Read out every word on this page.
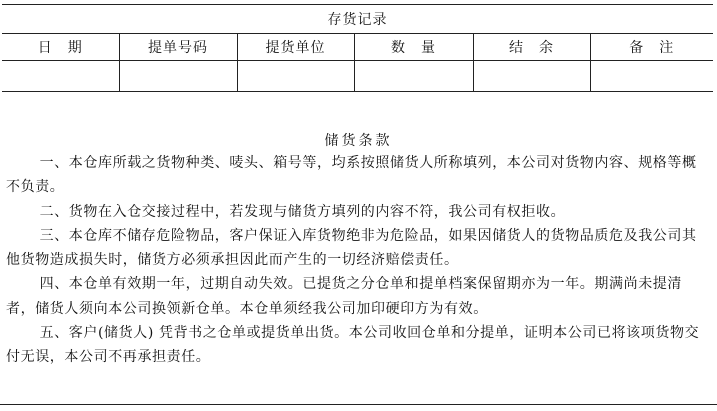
存货记录					
日　期	提单号码	提货单位	数　量	结　余	备　注

储货条款

一、本仓库所载之货物种类、唛头、箱号等，均系按照储货人所称填列，本公司对货物内容、规格等概不负责。

二、货物在入仓交接过程中，若发现与储货方填列的内容不符，我公司有权拒收。

三、本仓库不储存危险物品，客户保证入库货物绝非为危险品，如果因储货人的货物品质危及我公司其他货物造成损失时，储货方必须承担因此而产生的一切经济赔偿责任。

四、本仓单有效期一年，过期自动失效。已提货之分仓单和提单档案保留期亦为一年。期满尚未提清者，储货人须向本公司换领新仓单。本仓单须经我公司加印硬印方为有效。

五、客户(储货人) 凭背书之仓单或提货单出货。本公司收回仓单和分提单，证明本公司已将该项货物交付无误，本公司不再承担责任。
